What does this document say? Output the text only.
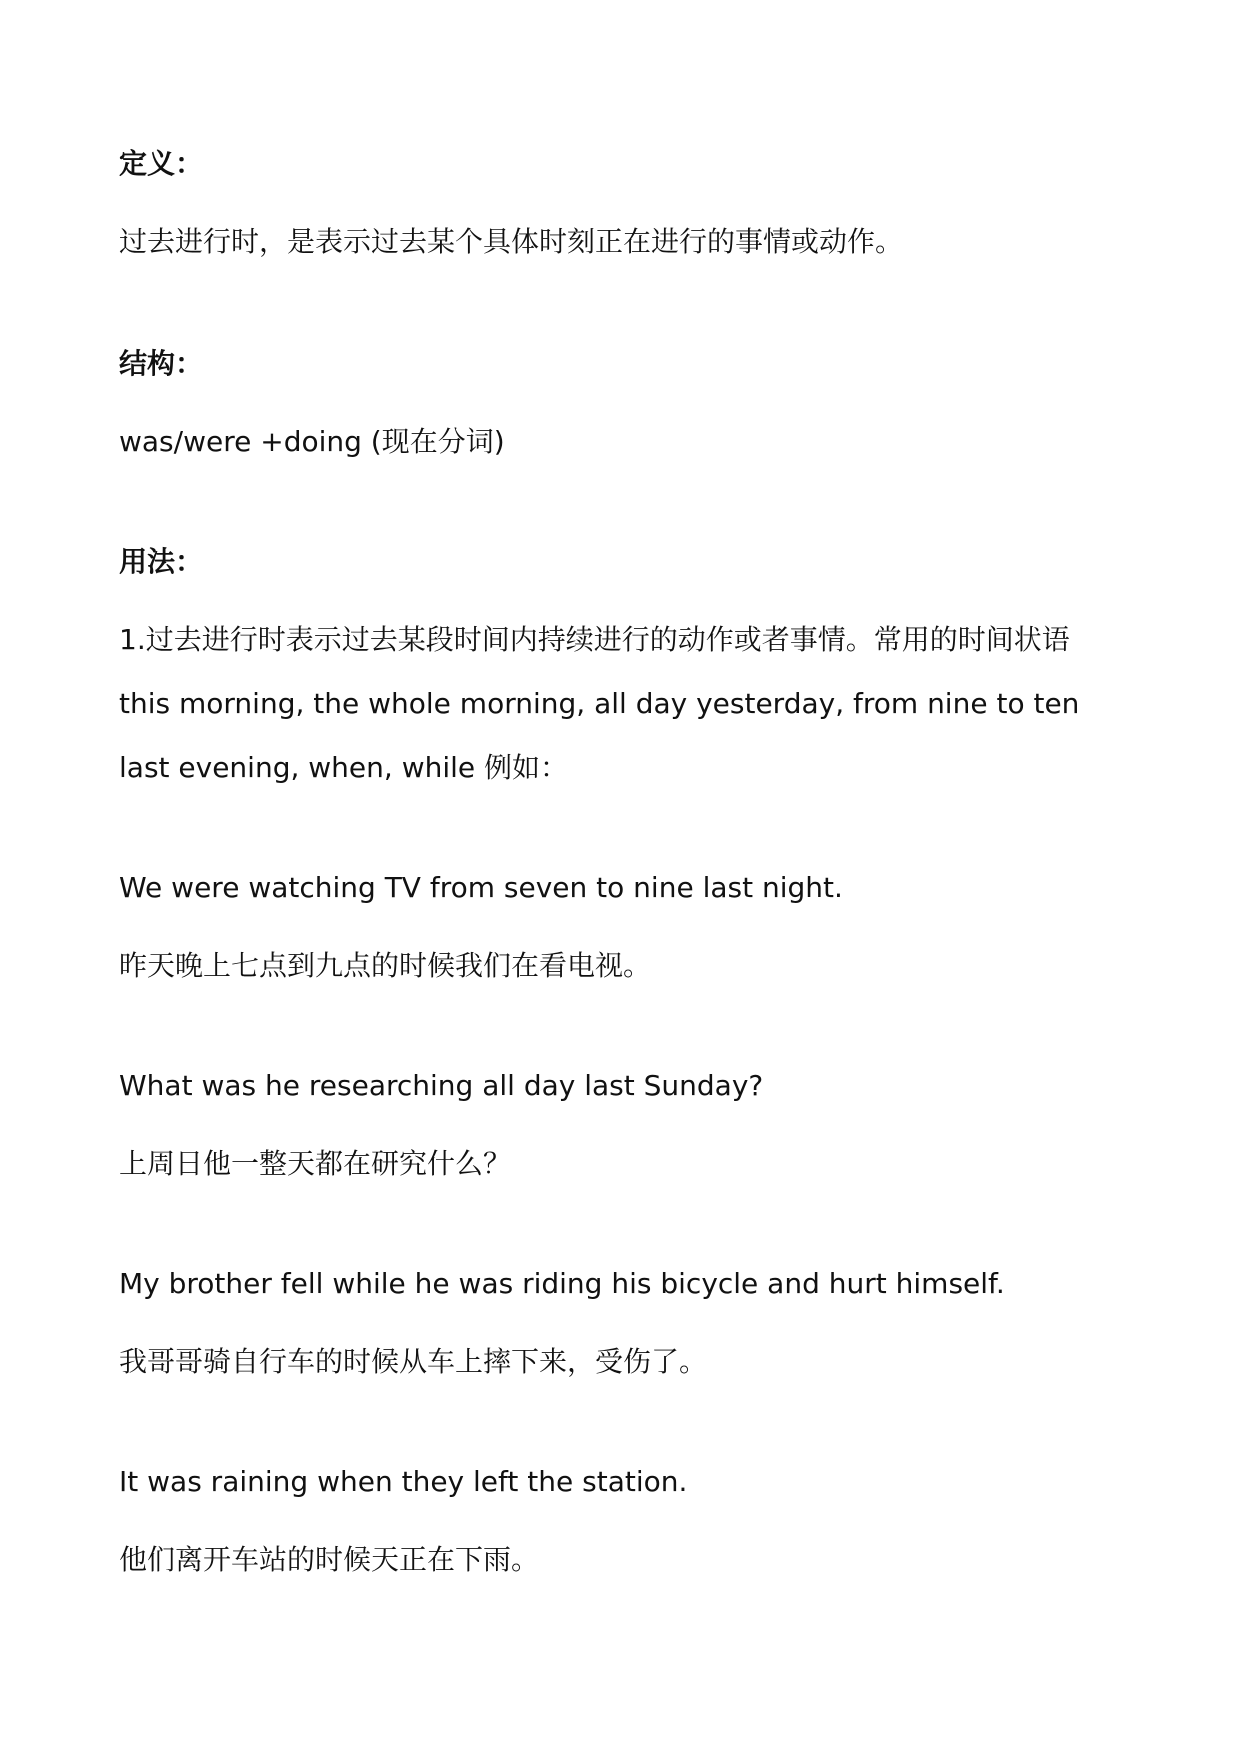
定义：

过去进行时，是表示过去某个具体时刻正在进行的事情或动作。

结构：

was/were +doing (现在分词)

用法：

1.过去进行时表示过去某段时间内持续进行的动作或者事情。常用的时间状语

this morning, the whole morning, all day yesterday, from nine to ten

last evening, when, while 例如：

We were watching TV from seven to nine last night.

昨天晚上七点到九点的时候我们在看电视。

What was he researching all day last Sunday?

上周日他一整天都在研究什么？

My brother fell while he was riding his bicycle and hurt himself.

我哥哥骑自行车的时候从车上摔下来，受伤了。

It was raining when they left the station.

他们离开车站的时候天正在下雨。
